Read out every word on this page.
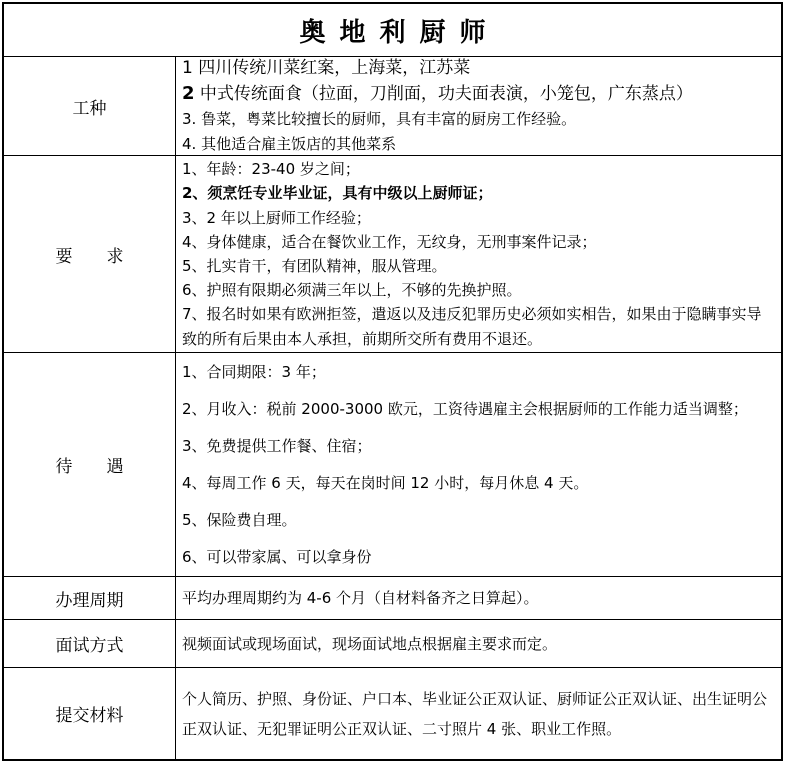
奥地利厨师
工种
1 四川传统川菜红案，上海菜，江苏菜
2 中式传统面食（拉面，刀削面，功夫面表演，小笼包，广东蒸点）
3. 鲁菜，粤菜比较擅长的厨师，具有丰富的厨房工作经验。
4. 其他适合雇主饭店的其他菜系
要　　求
1、年龄：23-40 岁之间；
2、须烹饪专业毕业证，具有中级以上厨师证；
3、2 年以上厨师工作经验；
4、身体健康，适合在餐饮业工作，无纹身，无刑事案件记录；
5、扎实肯干，有团队精神，服从管理。
6、护照有限期必须满三年以上，不够的先换护照。
7、报名时如果有欧洲拒签，遣返以及违反犯罪历史必须如实相告，如果由于隐瞒事实导致的所有后果由本人承担，前期所交所有费用不退还。
待　　遇
1、合同期限：3 年；
2、月收入：税前 2000-3000 欧元，工资待遇雇主会根据厨师的工作能力适当调整；
3、免费提供工作餐、住宿；
4、每周工作 6 天，每天在岗时间 12 小时，每月休息 4 天。
5、保险费自理。
6、可以带家属、可以拿身份
办理周期	平均办理周期约为 4-6 个月（自材料备齐之日算起）。
面试方式	视频面试或现场面试，现场面试地点根据雇主要求而定。
提交材料
个人简历、护照、身份证、户口本、毕业证公正双认证、厨师证公正双认证、出生证明公正双认证、无犯罪证明公正双认证、二寸照片 4 张、职业工作照。
